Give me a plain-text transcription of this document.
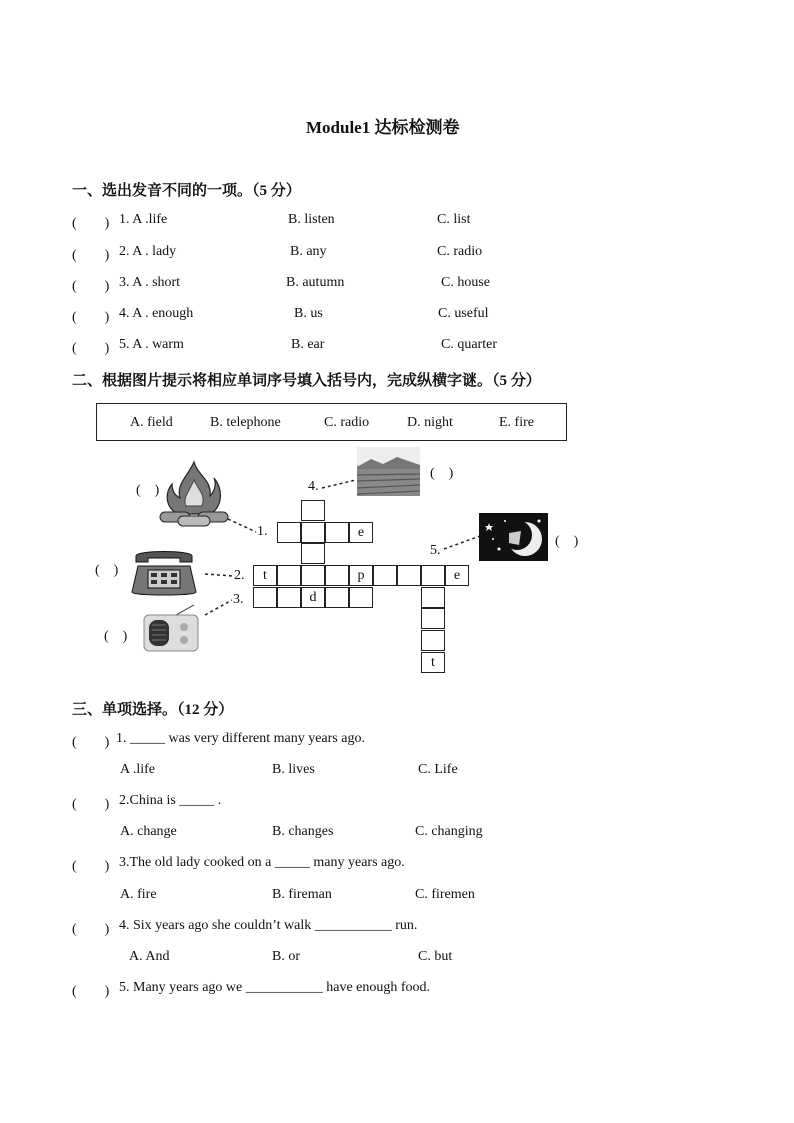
Module1 达标检测卷
一、选出发音不同的一项。（5 分）
(　　) 1. A .life	B. listen	C. list
(　　) 2. A . lady	B. any	C. radio
(　　) 3. A . short	B. autumn	C. house
(　　) 4. A . enough	B. us	C. useful
(　　) 5. A . warm	B. ear	C. quarter
二、根据图片提示将相应单词序号填入括号内，完成纵横字谜。（5 分）
A. field	B. telephone	C. radio	D. night	E. fire
(　)
(　)
(　)
(　)
(　)
1.
2.
3.
4.
5.
e
t	p	e
d
t
三、单项选择。（12 分）
(　　) 1. _____ was very different many years ago.
A .life	B. lives	C. Life
(　　) 2.China is _____ .
A. change	B. changes	C. changing
(　　) 3.The old lady cooked on a _____ many years ago.
A. fire	B. fireman	C. firemen
(　　) 4. Six years ago she couldn’t walk ___________ run.
A. And	B. or	C. but
(　　) 5. Many years ago we ___________ have enough food.
